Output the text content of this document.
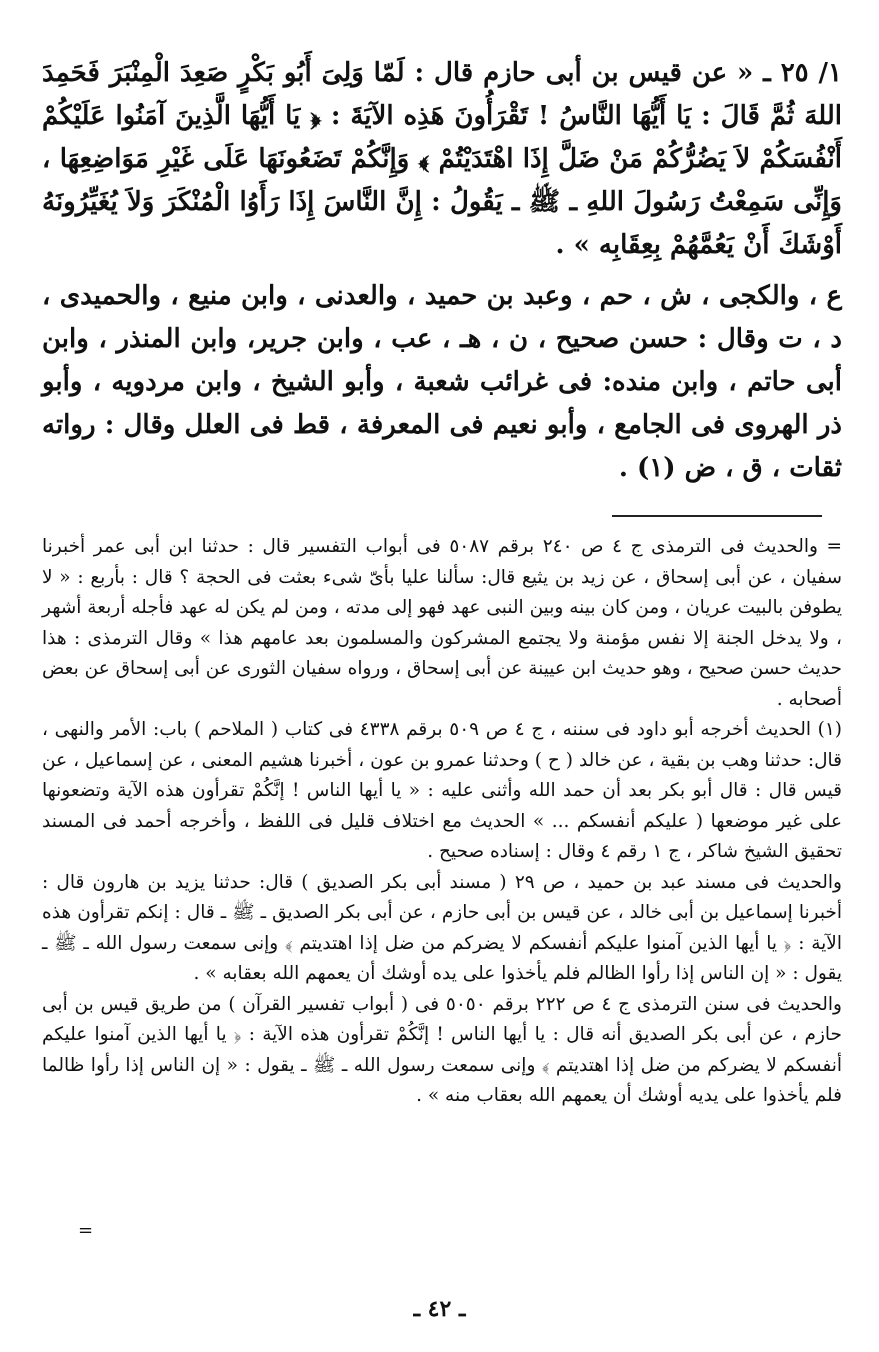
١/ ٢٥ ـ « عن قيس بن أبى حازم قال : لَمّا وَلِىَ أَبُو بَكْرٍ صَعِدَ الْمِنْبَرَ فَحَمِدَ اللهَ ثُمَّ قَالَ : يَا أَيُّهَا النَّاسُ ! تَقْرَأُونَ هَذِه الآيَةَ : ﴿ يَا أَيُّهَا الَّذِينَ آمَنُوا عَلَيْكُمْ أَنْفُسَكُمْ لاَ يَضُرُّكُمْ مَنْ ضَلَّ إِذَا اهْتَدَيْتُمْ ﴾ وَإِنَّكُمْ تَضَعُونَهَا عَلَى غَيْرِ مَوَاضِعِهَا ، وَإِنِّى سَمِعْتُ رَسُولَ اللهِ ـ ﷺ ـ يَقُولُ : إِنَّ النَّاسَ إِذَا رَأَوُا الْمُنْكَرَ وَلاَ يُغَيِّرُونَهُ أَوْشَكَ أَنْ يَعُمَّهُمْ بِعِقَابِه » .

ع ، والكجى ، ش ، حم ، وعبد بن حميد ، والعدنى ، وابن منيع ، والحميدى ، د ، ت وقال : حسن صحيح ، ن ، هـ ، عب ، وابن جرير، وابن المنذر ، وابن أبى حاتم ، وابن منده: فى غرائب شعبة ، وأبو الشيخ ، وابن مردويه ، وأبو ذر الهروى فى الجامع ، وأبو نعيم فى المعرفة ، قط فى العلل وقال : رواته ثقات ، ق ، ض (١) .

= والحديث فى الترمذى ج ٤ ص ٢٤٠ برقم ٥٠٨٧ فى أبواب التفسير قال : حدثنا ابن أبى عمر أخبرنا سفيان ، عن أبى إسحاق ، عن زيد بن يثيع قال: سألنا عليا بأىّ شىء بعثت فى الحجة ؟ قال : بأربع : « لا يطوفن بالبيت عريان ، ومن كان بينه وبين النبى عهد فهو إلى مدته ، ومن لم يكن له عهد فأجله أربعة أشهر ، ولا يدخل الجنة إلا نفس مؤمنة ولا يجتمع المشركون والمسلمون بعد عامهم هذا » وقال الترمذى : هذا حديث حسن صحيح ، وهو حديث ابن عيينة عن أبى إسحاق ، ورواه سفيان الثورى عن أبى إسحاق عن بعض أصحابه .

(١) الحديث أخرجه أبو داود فى سننه ، ج ٤ ص ٥٠٩ برقم ٤٣٣٨ فى كتاب ( الملاحم ) باب: الأمر والنهى ، قال: حدثنا وهب بن بقية ، عن خالد ( ح ) وحدثنا عمرو بن عون ، أخبرنا هشيم المعنى ، عن إسماعيل ، عن قيس قال : قال أبو بكر بعد أن حمد الله وأثنى عليه : « يا أيها الناس ! إنَّكُمْ تقرأون هذه الآية وتضعونها على غير موضعها ( عليكم أنفسكم ... » الحديث مع اختلاف قليل فى اللفظ ، وأخرجه أحمد فى المسند تحقيق الشيخ شاكر ، ج ١ رقم ٤ وقال : إسناده صحيح .

والحديث فى مسند عبد بن حميد ، ص ٢٩ ( مسند أبى بكر الصديق ) قال: حدثنا يزيد بن هارون قال : أخبرنا إسماعيل بن أبى خالد ، عن قيس بن أبى حازم ، عن أبى بكر الصديق ـ ﷺ ـ قال : إنكم تقرأون هذه الآية : ﴿ يا أيها الذين آمنوا عليكم أنفسكم لا يضركم من ضل إذا اهتديتم ﴾ وإنى سمعت رسول الله ـ ﷺ ـ يقول : « إن الناس إذا رأوا الظالم فلم يأخذوا على يده أوشك أن يعمهم الله بعقابه » .

والحديث فى سنن الترمذى ج ٤ ص ٢٢٢ برقم ٥٠٥٠ فى ( أبواب تفسير القرآن ) من طريق قيس بن أبى حازم ، عن أبى بكر الصديق أنه قال : يا أيها الناس ! إنَّكُمْ تقرأون هذه الآية : ﴿ يا أيها الذين آمنوا عليكم أنفسكم لا يضركم من ضل إذا اهتديتم ﴾ وإنى سمعت رسول الله ـ ﷺ ـ يقول : « إن الناس إذا رأوا ظالما فلم يأخذوا على يديه أوشك أن يعمهم الله بعقاب منه » .

=
ـ ٤٢ ـ
